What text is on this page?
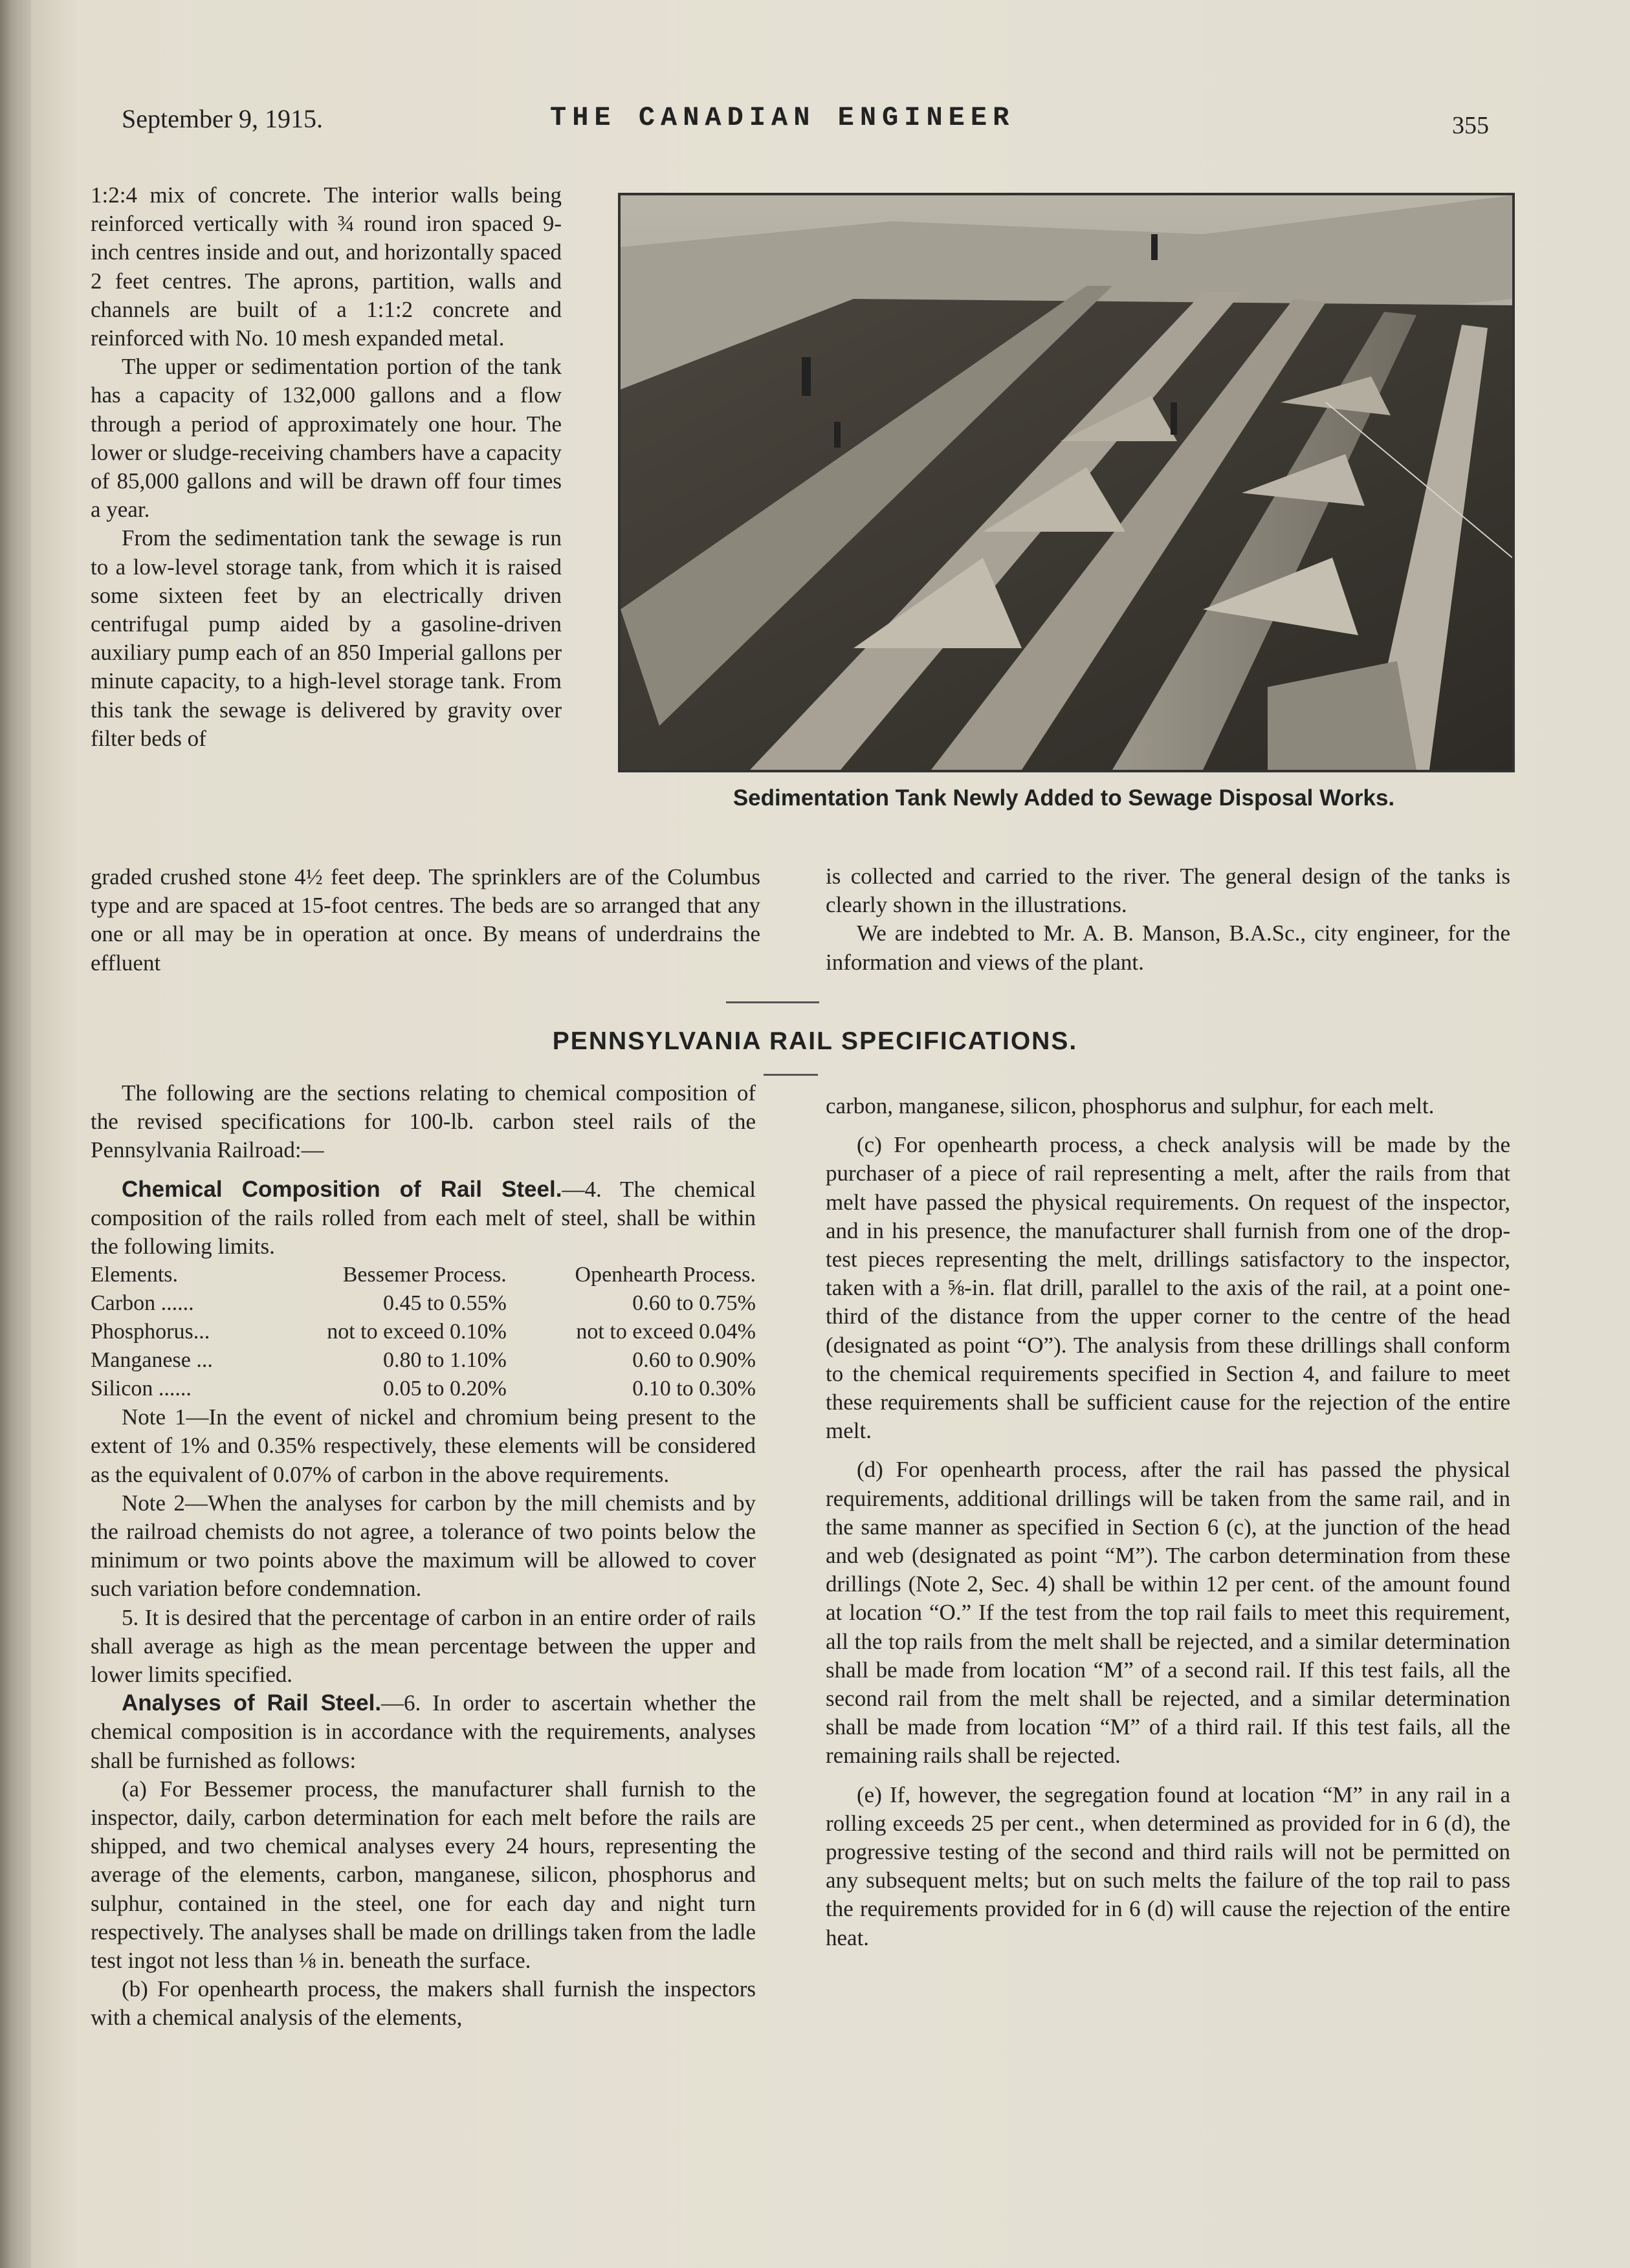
September 9, 1915.	THE CANADIAN ENGINEER	355

1:2:4 mix of concrete. The interior walls being reinforced vertically with ¾ round iron spaced 9-inch centres inside and out, and horizontally spaced 2 feet centres. The aprons, partition, walls and channels are built of a 1:1:2 concrete and reinforced with No. 10 mesh expanded metal.

The upper or sedimentation portion of the tank has a capacity of 132,000 gallons and a flow through a period of approximately one hour. The lower or sludge-receiving chambers have a capacity of 85,000 gallons and will be drawn off four times a year.

From the sedimentation tank the sewage is run to a low-level storage tank, from which it is raised some sixteen feet by an electrically driven centrifugal pump aided by a gasoline-driven auxiliary pump each of an 850 Imperial gallons per minute capacity, to a high-level storage tank. From this tank the sewage is delivered by gravity over filter beds of

Sedimentation Tank Newly Added to Sewage Disposal Works.

graded crushed stone 4½ feet deep. The sprinklers are of the Columbus type and are spaced at 15-foot centres. The beds are so arranged that any one or all may be in operation at once. By means of underdrains the effluent

is collected and carried to the river. The general design of the tanks is clearly shown in the illustrations.

We are indebted to Mr. A. B. Manson, B.A.Sc., city engineer, for the information and views of the plant.

PENNSYLVANIA RAIL SPECIFICATIONS.

The following are the sections relating to chemical composition of the revised specifications for 100-lb. carbon steel rails of the Pennsylvania Railroad:—

Chemical Composition of Rail Steel.—4. The chemical composition of the rails rolled from each melt of steel, shall be within the following limits.

Elements.	Bessemer Process.	Openhearth Process.
Carbon ......	0.45 to 0.55%	0.60 to 0.75%
Phosphorus...	not to exceed 0.10%	not to exceed 0.04%
Manganese ...	0.80 to 1.10%	0.60 to 0.90%
Silicon ......	0.05 to 0.20%	0.10 to 0.30%

Note 1—In the event of nickel and chromium being present to the extent of 1% and 0.35% respectively, these elements will be considered as the equivalent of 0.07% of carbon in the above requirements.

Note 2—When the analyses for carbon by the mill chemists and by the railroad chemists do not agree, a tolerance of two points below the minimum or two points above the maximum will be allowed to cover such variation before condemnation.

5. It is desired that the percentage of carbon in an entire order of rails shall average as high as the mean percentage between the upper and lower limits specified.

Analyses of Rail Steel.—6. In order to ascertain whether the chemical composition is in accordance with the requirements, analyses shall be furnished as follows:

(a) For Bessemer process, the manufacturer shall furnish to the inspector, daily, carbon determination for each melt before the rails are shipped, and two chemical analyses every 24 hours, representing the average of the elements, carbon, manganese, silicon, phosphorus and sulphur, contained in the steel, one for each day and night turn respectively. The analyses shall be made on drillings taken from the ladle test ingot not less than ⅛ in. beneath the surface.

(b) For openhearth process, the makers shall furnish the inspectors with a chemical analysis of the elements,

carbon, manganese, silicon, phosphorus and sulphur, for each melt.

(c) For openhearth process, a check analysis will be made by the purchaser of a piece of rail representing a melt, after the rails from that melt have passed the physical requirements. On request of the inspector, and in his presence, the manufacturer shall furnish from one of the drop-test pieces representing the melt, drillings satisfactory to the inspector, taken with a ⅝-in. flat drill, parallel to the axis of the rail, at a point one-third of the distance from the upper corner to the centre of the head (designated as point “O”). The analysis from these drillings shall conform to the chemical requirements specified in Section 4, and failure to meet these requirements shall be sufficient cause for the rejection of the entire melt.

(d) For openhearth process, after the rail has passed the physical requirements, additional drillings will be taken from the same rail, and in the same manner as specified in Section 6 (c), at the junction of the head and web (designated as point “M”). The carbon determination from these drillings (Note 2, Sec. 4) shall be within 12 per cent. of the amount found at location “O.” If the test from the top rail fails to meet this requirement, all the top rails from the melt shall be rejected, and a similar determination shall be made from location “M” of a second rail. If this test fails, all the second rail from the melt shall be rejected, and a similar determination shall be made from location “M” of a third rail. If this test fails, all the remaining rails shall be rejected.

(e) If, however, the segregation found at location “M” in any rail in a rolling exceeds 25 per cent., when determined as provided for in 6 (d), the progressive testing of the second and third rails will not be permitted on any subsequent melts; but on such melts the failure of the top rail to pass the requirements provided for in 6 (d) will cause the rejection of the entire heat.
